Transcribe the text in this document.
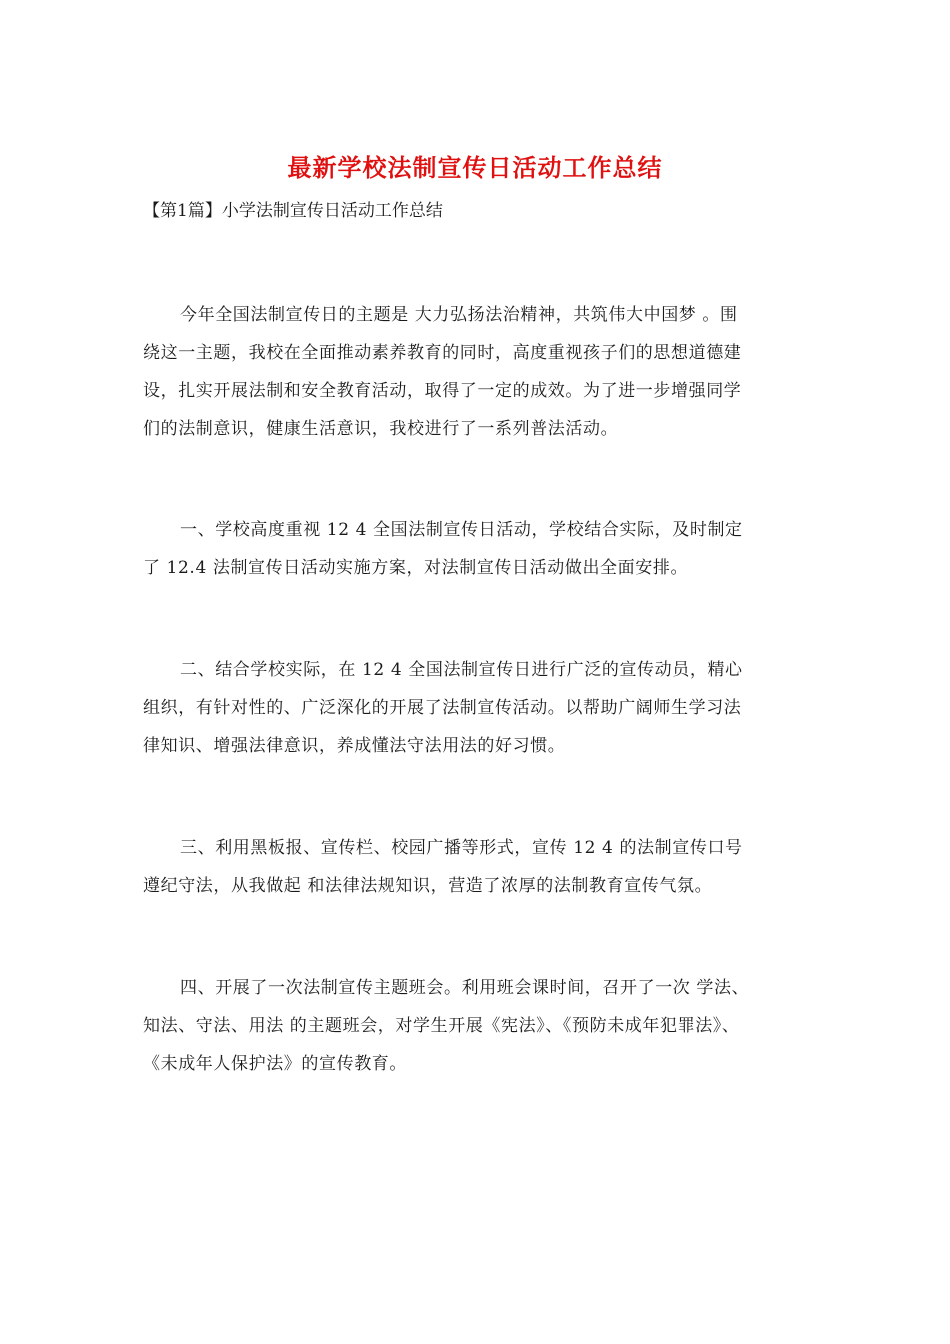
最新学校法制宣传日活动工作总结
【第1篇】小学法制宣传日活动工作总结
今年全国法制宣传日的主题是 大力弘扬法治精神，共筑伟大中国梦 。围
绕这一主题，我校在全面推动素养教育的同时，高度重视孩子们的思想道德建
设，扎实开展法制和安全教育活动，取得了一定的成效。为了进一步增强同学
们的法制意识，健康生活意识，我校进行了一系列普法活动。
一、学校高度重视 12 4 全国法制宣传日活动，学校结合实际，及时制定
了 12.4 法制宣传日活动实施方案，对法制宣传日活动做出全面安排。
二、结合学校实际，在 12 4 全国法制宣传日进行广泛的宣传动员，精心
组织，有针对性的、广泛深化的开展了法制宣传活动。以帮助广阔师生学习法
律知识、增强法律意识，养成懂法守法用法的好习惯。
三、利用黑板报、宣传栏、校园广播等形式，宣传 12 4 的法制宣传口号
遵纪守法，从我做起 和法律法规知识，营造了浓厚的法制教育宣传气氛。
四、开展了一次法制宣传主题班会。利用班会课时间，召开了一次 学法、
知法、守法、用法 的主题班会，对学生开展《宪法》、《预防未成年犯罪法》、
《未成年人保护法》的宣传教育。
